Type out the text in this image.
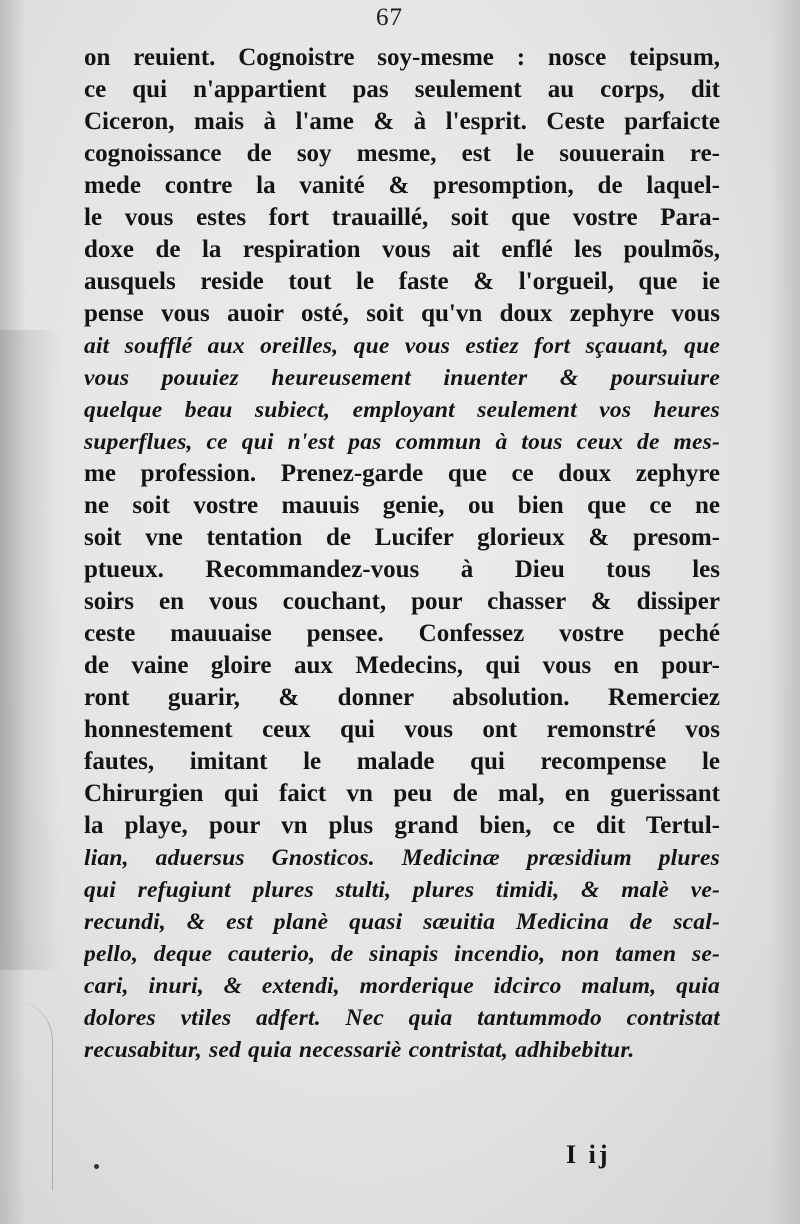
67
on reuient. Cognoistre soy-mesme : nosce teipsum,
ce qui n'appartient pas seulement au corps, dit
Ciceron, mais à l'ame & à l'esprit. Ceste parfaicte
cognoissance de soy mesme, est le souuerain re-
mede contre la vanité & presomption, de laquel-
le vous estes fort trauaillé, soit que vostre Para-
doxe de la respiration vous ait enflé les poulmõs,
ausquels reside tout le faste & l'orgueil, que ie
pense vous auoir osté, soit qu'vn doux zephyre vous
ait soufflé aux oreilles, que vous estiez fort sçauant, que
vous pouuiez heureusement inuenter & poursuiure
quelque beau subiect, employant seulement vos heures
superflues, ce qui n'est pas commun à tous ceux de mes-
me profession. Prenez-garde que ce doux zephyre
ne soit vostre mauuis genie, ou bien que ce ne
soit vne tentation de Lucifer glorieux & presom-
ptueux. Recommandez-vous à Dieu tous les
soirs en vous couchant, pour chasser & dissiper
ceste mauuaise pensee. Confessez vostre peché
de vaine gloire aux Medecins, qui vous en pour-
ront guarir, & donner absolution. Remerciez
honnestement ceux qui vous ont remonstré vos
fautes, imitant le malade qui recompense le
Chirurgien qui faict vn peu de mal, en guerissant
la playe, pour vn plus grand bien, ce dit Tertul-
lian, aduersus Gnosticos. Medicinæ præsidium plures
qui refugiunt plures stulti, plures timidi, & malè ve-
recundi, & est planè quasi sæuitia Medicina de scal-
pello, deque cauterio, de sinapis incendio, non tamen se-
cari, inuri, & extendi, morderique idcirco malum, quia
dolores vtiles adfert. Nec quia tantummodo contristat
recusabitur, sed quia necessariè contristat, adhibebitur.
I ij
